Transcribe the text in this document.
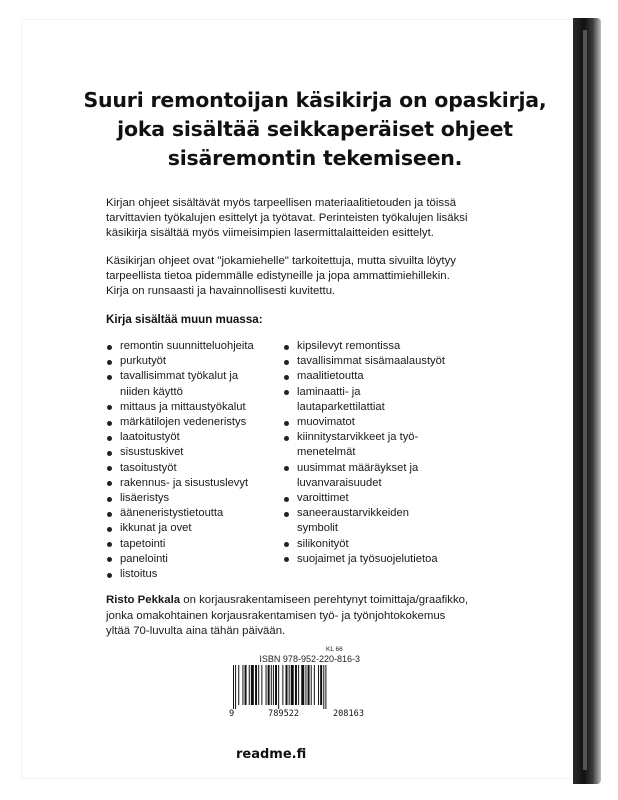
Suuri remontoijan käsikirja on opaskirja,
joka sisältää seikkaperäiset ohjeet
sisäremontin tekemiseen.
Kirjan ohjeet sisältävät myös tarpeellisen materiaalitietouden ja töissä
tarvittavien työkalujen esittelyt ja työtavat. Perinteisten työkalujen lisäksi
käsikirja sisältää myös viimeisimpien lasermittalaitteiden esittelyt.
Käsikirjan ohjeet ovat "jokamiehelle" tarkoitettuja, mutta sivuilta löytyy
tarpeellista tietoa pidemmälle edistyneille ja jopa ammattimiehillekin.
Kirja on runsaasti ja havainnollisesti kuvitettu.
Kirja sisältää muun muassa:
remontin suunnitteluohjeita
purkutyöt
tavallisimmat työkalut ja
niiden käyttö
mittaus ja mittaustyökalut
märkätilojen vedeneristys
laatoitustyöt
sisustuskivet
tasoitustyöt
rakennus- ja sisustuslevyt
lisäeristys
ääneneristystietoutta
ikkunat ja ovet
tapetointi
panelointi
listoitus
kipsilevyt remontissa
tavallisimmat sisämaalaustyöt
maalitietoutta
laminaatti- ja
lautaparkettilattiat
muovimatot
kiinnitystarvikkeet ja työ-
menetelmät
uusimmat määräykset ja
luvanvaraisuudet
varoittimet
saneeraustarvikkeiden
symbolit
silikonityöt
suojaimet ja työsuojelutietoa
Risto Pekkala on korjausrakentamiseen perehtynyt toimittaja/graafikko,
jonka omakohtainen korjausrakentamisen työ- ja työnjohtokokemus
yltää 70-luvulta aina tähän päivään.
KL 66
ISBN 978-952-220-816-3
9	789522	208163
readme.fi
